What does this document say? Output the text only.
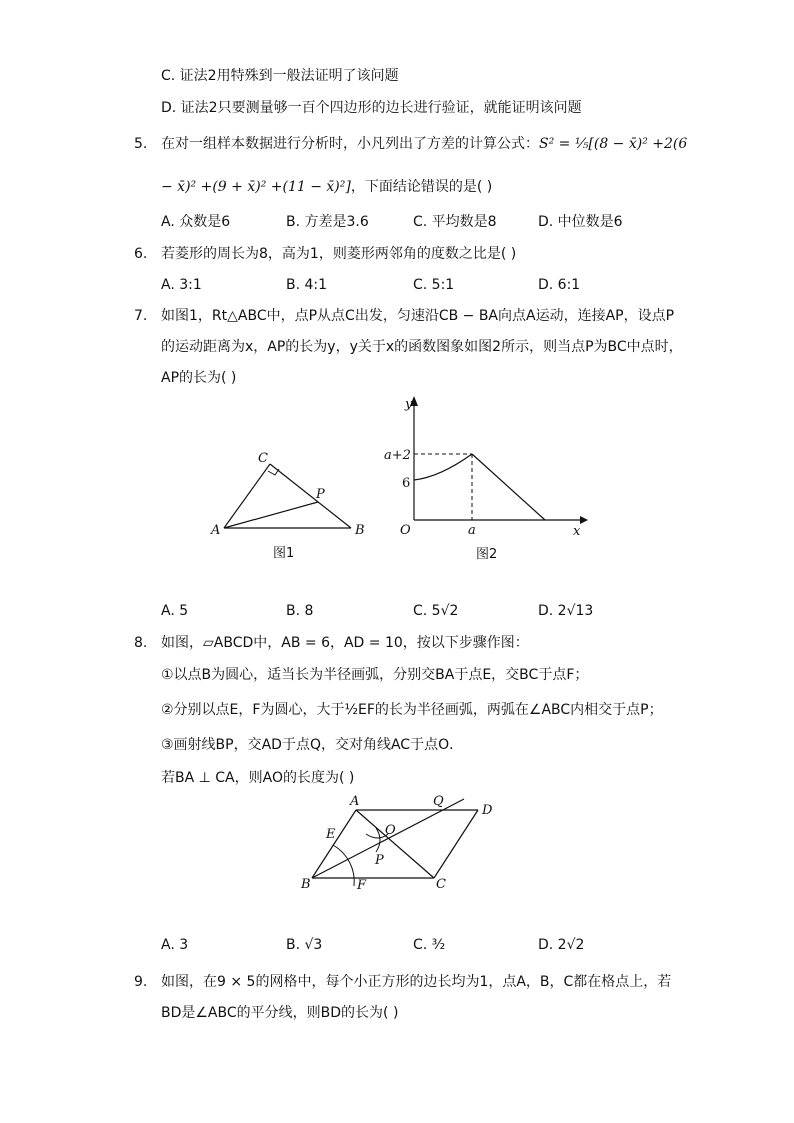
C. 证法2用特殊到一般法证明了该问题
D. 证法2只要测量够一百个四边形的边长进行验证，就能证明该问题
5. 在对一组样本数据进行分析时，小凡列出了方差的计算公式：S² = ¹⁄₅[(8 − x̄)² +2(6
− x̄)² +(9 + x̄)² +(11 − x̄)²]，下面结论错误的是( )
A. 众数是6	B. 方差是3.6	C. 平均数是8	D. 中位数是6
6. 若菱形的周长为8，高为1，则菱形两邻角的度数之比是( )
A. 3:1	B. 4:1	C. 5:1	D. 6:1
7. 如图1，Rt△ABC中，点P从点C出发，匀速沿CB − BA向点A运动，连接AP，设点P
的运动距离为x，AP的长为y，y关于x的函数图象如图2所示，则当点P为BC中点时，
AP的长为( )
A	B
C
P
图1
y
x
O
a+2
6
a
图2
A. 5	B. 8	C. 5√2	D. 2√13
8. 如图，▱ABCD中，AB = 6，AD = 10，按以下步骤作图：
①以点B为圆心，适当长为半径画弧，分别交BA于点E，交BC于点F；
②分别以点E，F为圆心，大于½EF的长为半径画弧，两弧在∠ABC内相交于点P；
③画射线BP，交AD于点Q，交对角线AC于点O．
若BA ⊥ CA，则AO的长度为( )
A
B	C
D
E
F
O
P
Q
A. 3	B. √3	C. ³⁄₂	D. 2√2
9. 如图，在9 × 5的网格中，每个小正方形的边长均为1，点A，B，C都在格点上，若
BD是∠ABC的平分线，则BD的长为( )
